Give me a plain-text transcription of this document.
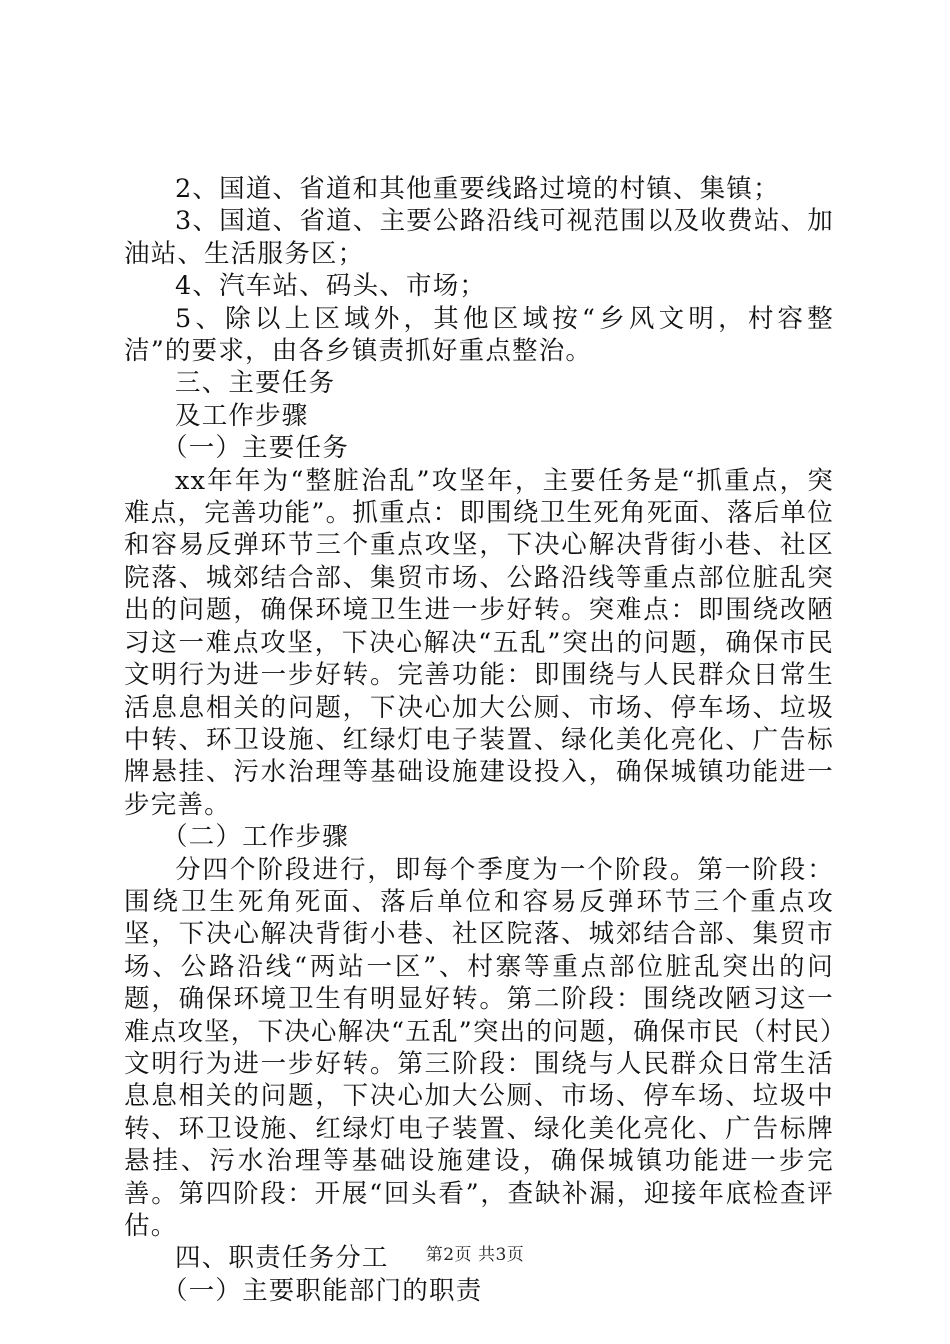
2、国道、省道和其他重要线路过境的村镇、集镇；

3、国道、省道、主要公路沿线可视范围以及收费站、加油站、生活服务区；

4、汽车站、码头、市场；

5、除以上区域外，其他区域按“乡风文明，村容整洁”的要求，由各乡镇责抓好重点整治。

三、主要任务

及工作步骤

（一）主要任务

xx年年为“整脏治乱”攻坚年，主要任务是“抓重点，突难点，完善功能”。抓重点：即围绕卫生死角死面、落后单位和容易反弹环节三个重点攻坚，下决心解决背街小巷、社区院落、城郊结合部、集贸市场、公路沿线等重点部位脏乱突出的问题，确保环境卫生进一步好转。突难点：即围绕改陋习这一难点攻坚，下决心解决“五乱”突出的问题，确保市民文明行为进一步好转。完善功能：即围绕与人民群众日常生活息息相关的问题，下决心加大公厕、市场、停车场、垃圾中转、环卫设施、红绿灯电子装置、绿化美化亮化、广告标牌悬挂、污水治理等基础设施建设投入，确保城镇功能进一步完善。

（二）工作步骤

分四个阶段进行，即每个季度为一个阶段。第一阶段：围绕卫生死角死面、落后单位和容易反弹环节三个重点攻坚，下决心解决背街小巷、社区院落、城郊结合部、集贸市场、公路沿线“两站一区”、村寨等重点部位脏乱突出的问题，确保环境卫生有明显好转。第二阶段：围绕改陋习这一难点攻坚，下决心解决“五乱”突出的问题，确保市民（村民）文明行为进一步好转。第三阶段：围绕与人民群众日常生活息息相关的问题，下决心加大公厕、市场、停车场、垃圾中转、环卫设施、红绿灯电子装置、绿化美化亮化、广告标牌悬挂、污水治理等基础设施建设，确保城镇功能进一步完善。第四阶段：开展“回头看”，查缺补漏，迎接年底检查评估。

四、职责任务分工

（一）主要职能部门的职责

第2页 共3页
